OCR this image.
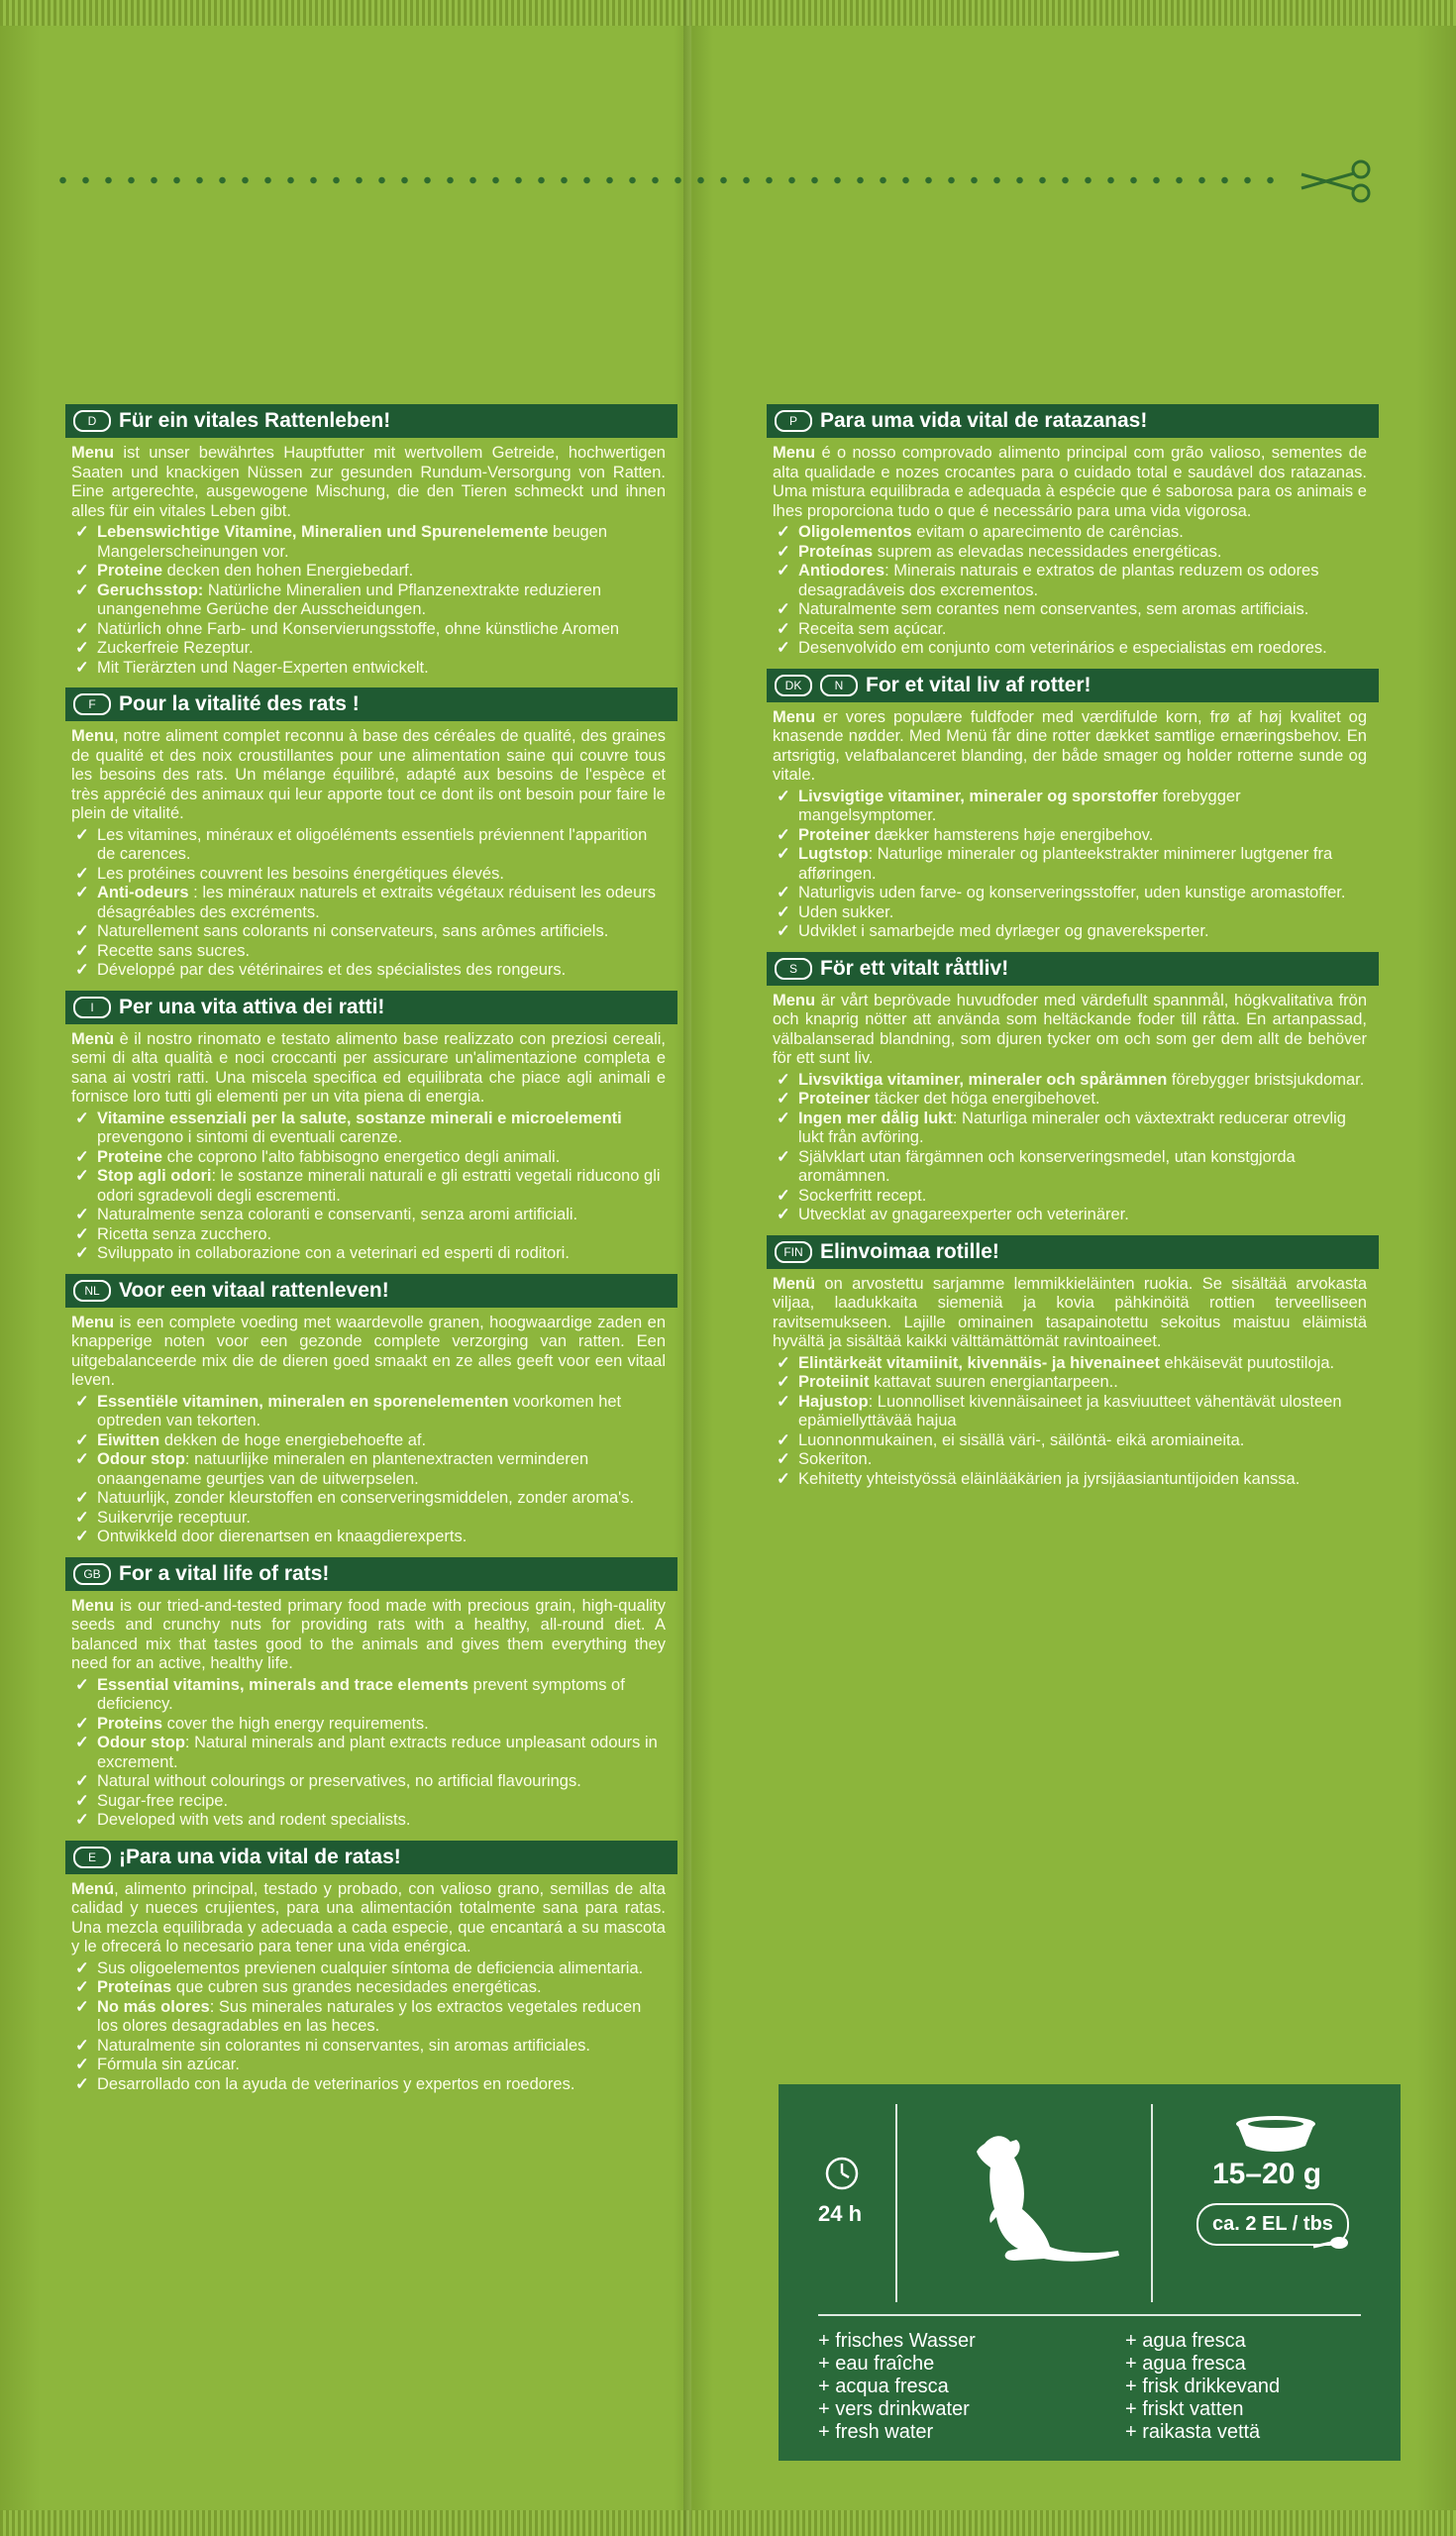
D	Für ein vitales Rattenleben!
Menu ist unser bewährtes Hauptfutter mit wertvollem Getreide, hochwertigen Saaten und knackigen Nüssen zur gesunden Rundum-Versorgung von Ratten. Eine artgerechte, ausgewogene Mischung, die den Tieren schmeckt und ihnen alles für ein vitales Leben gibt.
✓ Lebenswichtige Vitamine, Mineralien und Spurenelemente beugen Mangelerscheinungen vor.
✓ Proteine decken den hohen Energiebedarf.
✓ Geruchsstop: Natürliche Mineralien und Pflanzenextrakte reduzieren unangenehme Gerüche der Ausscheidungen.
✓ Natürlich ohne Farb- und Konservierungsstoffe, ohne künstliche Aromen
✓ Zuckerfreie Rezeptur.
✓ Mit Tierärzten und Nager-Experten entwickelt.
F	Pour la vitalité des rats !
Menu, notre aliment complet reconnu à base des céréales de qualité, des graines de qualité et des noix croustillantes pour une alimentation saine qui couvre tous les besoins des rats. Un mélange équilibré, adapté aux besoins de l'espèce et très apprécié des animaux qui leur apporte tout ce dont ils ont besoin pour faire le plein de vitalité.
✓ Les vitamines, minéraux et oligoéléments essentiels préviennent l'apparition de carences.
✓ Les protéines couvrent les besoins énergétiques élevés.
✓ Anti-odeurs : les minéraux naturels et extraits végétaux réduisent les odeurs désagréables des excréments.
✓ Naturellement sans colorants ni conservateurs, sans arômes artificiels.
✓ Recette sans sucres.
✓ Développé par des vétérinaires et des spécialistes des rongeurs.
I	Per una vita attiva dei ratti!
Menù è il nostro rinomato e testato alimento base realizzato con preziosi cereali, semi di alta qualità e noci croccanti per assicurare un'alimentazione completa e sana ai vostri ratti. Una miscela specifica ed equilibrata che piace agli animali e fornisce loro tutti gli elementi per un vita piena di energia.
✓ Vitamine essenziali per la salute, sostanze minerali e microelementi prevengono i sintomi di eventuali carenze.
✓ Proteine che coprono l'alto fabbisogno energetico degli animali.
✓ Stop agli odori: le sostanze minerali naturali e gli estratti vegetali riducono gli odori sgradevoli degli escrementi.
✓ Naturalmente senza coloranti e conservanti, senza aromi artificiali.
✓ Ricetta senza zucchero.
✓ Sviluppato in collaborazione con a veterinari ed esperti di roditori.
NL Voor een vitaal rattenleven!
Menu is een complete voeding met waardevolle granen, hoogwaardige zaden en knapperige noten voor een gezonde complete verzorging van ratten. Een uitgebalanceerde mix die de dieren goed smaakt en ze alles geeft voor een vitaal leven.
✓ Essentiële vitaminen, mineralen en sporenelementen voorkomen het optreden van tekorten.
✓ Eiwitten dekken de hoge energiebehoefte af.
✓ Odour stop: natuurlijke mineralen en plantenextracten verminderen onaangename geurtjes van de uitwerpselen.
✓ Natuurlijk, zonder kleurstoffen en conserveringsmiddelen, zonder aroma's.
✓ Suikervrije receptuur.
✓ Ontwikkeld door dierenartsen en knaagdierexperts.
GB For a vital life of rats!
Menu is our tried-and-tested primary food made with precious grain, high-quality seeds and crunchy nuts for providing rats with a healthy, all-round diet. A balanced mix that tastes good to the animals and gives them everything they need for an active, healthy life.
✓ Essential vitamins, minerals and trace elements prevent symptoms of deficiency.
✓ Proteins cover the high energy requirements.
✓ Odour stop: Natural minerals and plant extracts reduce unpleasant odours in excrement.
✓ Natural without colourings or preservatives, no artificial flavourings.
✓ Sugar-free recipe.
✓ Developed with vets and rodent specialists.
E	¡Para una vida vital de ratas!
Menú, alimento principal, testado y probado, con valioso grano, semillas de alta calidad y nueces crujientes, para una alimentación totalmente sana para ratas. Una mezcla equilibrada y adecuada a cada especie, que encantará a su mascota y le ofrecerá lo necesario para tener una vida enérgica.
✓ Sus oligoelementos previenen cualquier síntoma de deficiencia alimentaria.
✓ Proteínas que cubren sus grandes necesidades energéticas.
✓ No más olores: Sus minerales naturales y los extractos vegetales reducen los olores desagradables en las heces.
✓ Naturalmente sin colorantes ni conservantes, sin aromas artificiales.
✓ Fórmula sin azúcar.
✓ Desarrollado con la ayuda de veterinarios y expertos en roedores.
P	Para uma vida vital de ratazanas!
Menu é o nosso comprovado alimento principal com grão valioso, sementes de alta qualidade e nozes crocantes para o cuidado total e saudável dos ratazanas. Uma mistura equilibrada e adequada à espécie que é saborosa para os animais e lhes proporciona tudo o que é necessário para uma vida vigorosa.
✓ Oligolementos evitam o aparecimento de carências.
✓ Proteínas suprem as elevadas necessidades energéticas.
✓ Antiodores: Minerais naturais e extratos de plantas reduzem os odores desagradáveis dos excrementos.
✓ Naturalmente sem corantes nem conservantes, sem aromas artificiais.
✓ Receita sem açúcar.
✓ Desenvolvido em conjunto com veterinários e especialistas em roedores.
DK	N	For et vital liv af rotter!
Menu er vores populære fuldfoder med værdifulde korn, frø af høj kvalitet og knasende nødder. Med Menü får dine rotter dækket samtlige ernæringsbehov. En artsrigtig, velafbalanceret blanding, der både smager og holder rotterne sunde og vitale.
✓ Livsvigtige vitaminer, mineraler og sporstoffer forebygger mangelsymptomer.
✓ Proteiner dækker hamsterens høje energibehov.
✓ Lugtstop: Naturlige mineraler og planteekstrakter minimerer lugtgener fra afføringen.
✓ Naturligvis uden farve- og konserveringsstoffer, uden kunstige aromastoffer.
✓ Uden sukker.
✓ Udviklet i samarbejde med dyrlæger og gnavereksperter.
S	För ett vitalt råttliv!
Menu är vårt beprövade huvudfoder med värdefullt spannmål, högkvalitativa frön och knaprig nötter att använda som heltäckande foder till råtta. En artanpassad, välbalanserad blandning, som djuren tycker om och som ger dem allt de behöver för ett sunt liv.
✓ Livsviktiga vitaminer, mineraler och spårämnen förebygger bristsjukdomar.
✓ Proteiner täcker det höga energibehovet.
✓ Ingen mer dålig lukt: Naturliga mineraler och växtextrakt reducerar otrevlig lukt från avföring.
✓ Självklart utan färgämnen och konserveringsmedel, utan konstgjorda aromämnen.
✓ Sockerfritt recept.
✓ Utvecklat av gnagareexperter och veterinärer.
FIN Elinvoimaa rotille!
Menü on arvostettu sarjamme lemmikkieläinten ruokia. Se sisältää arvokasta viljaa, laadukkaita siemeniä ja kovia pähkinöitä rottien terveelliseen ravitsemukseen. Lajille ominainen tasapainotettu sekoitus maistuu eläimistä hyvältä ja sisältää kaikki välttämättömät ravintoaineet.
✓ Elintärkeät vitamiinit, kivennäis- ja hivenaineet ehkäisevät puutostiloja.
✓ Proteiinit kattavat suuren energiantarpeen..
✓ Hajustop: Luonnolliset kivennäisaineet ja kasviuutteet vähentävät ulosteen epämiellyttävää hajua
✓ Luonnonmukainen, ei sisällä väri-, säilöntä- eikä aromiaineita.
✓ Sokeriton.
✓ Kehitetty yhteistyössä eläinlääkärien ja jyrsijäasiantuntijoiden kanssa.
24 h
15–20 g
ca. 2 EL / tbs
+ frisches Wasser
+ eau fraîche
+ acqua fresca
+ vers drinkwater
+ fresh water
+ agua fresca
+ agua fresca
+ frisk drikkevand
+ friskt vatten
+ raikasta vettä
